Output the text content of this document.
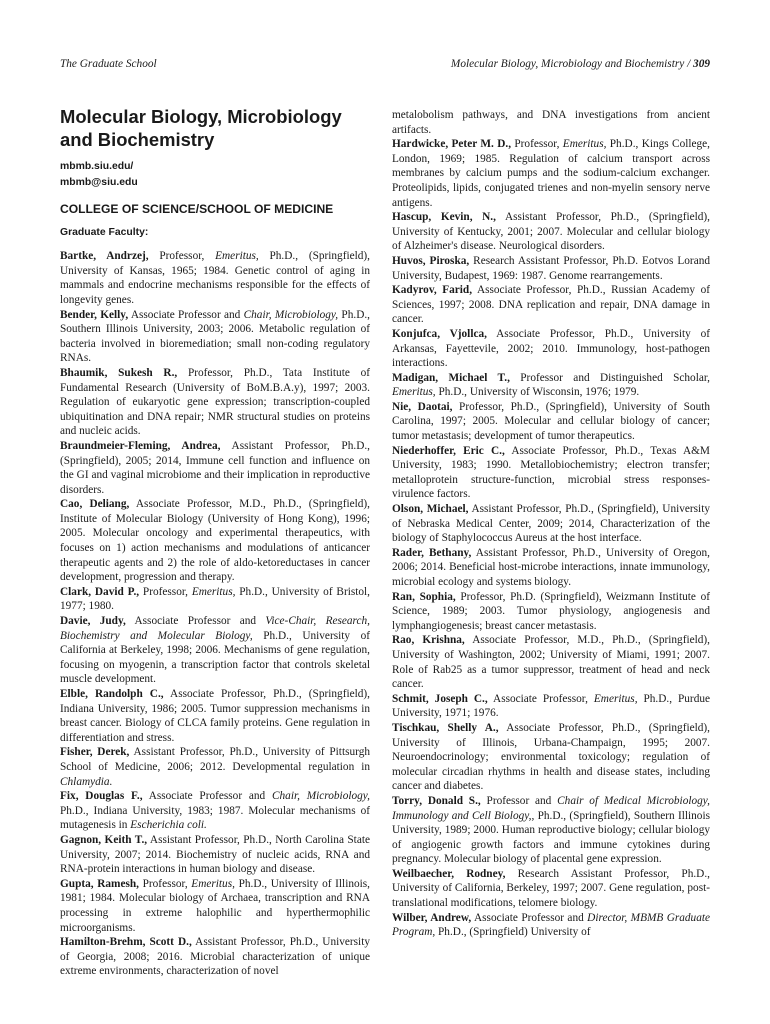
The Graduate School	Molecular Biology, Microbiology and Biochemistry / 309
Molecular Biology, Microbiology
and Biochemistry
mbmb.siu.edu/
mbmb@siu.edu
COLLEGE OF SCIENCE/SCHOOL OF MEDICINE
Graduate Faculty:

Bartke, Andrzej, Professor, Emeritus, Ph.D., (Springfield), University of Kansas, 1965; 1984. Genetic control of aging in mammals and endocrine mechanisms responsible for the effects of longevity genes.

Bender, Kelly, Associate Professor and Chair, Microbiology, Ph.D., Southern Illinois University, 2003; 2006. Metabolic regulation of bacteria involved in bioremediation; small non-coding regulatory RNAs.

Bhaumik, Sukesh R., Professor, Ph.D., Tata Institute of Fundamental Research (University of BoM.B.A.y), 1997; 2003. Regulation of eukaryotic gene expression; transcription-coupled ubiquitination and DNA repair; NMR structural studies on proteins and nucleic acids.

Braundmeier-Fleming, Andrea, Assistant Professor, Ph.D., (Springfield), 2005; 2014, Immune cell function and influence on the GI and vaginal microbiome and their implication in reproductive disorders.

Cao, Deliang, Associate Professor, M.D., Ph.D., (Springfield), Institute of Molecular Biology (University of Hong Kong), 1996; 2005. Molecular oncology and experimental therapeutics, with focuses on 1) action mechanisms and modulations of anticancer therapeutic agents and 2) the role of aldo-ketoreductases in cancer development, progression and therapy.

Clark, David P., Professor, Emeritus, Ph.D., University of Bristol, 1977; 1980.

Davie, Judy, Associate Professor and Vice-Chair, Research, Biochemistry and Molecular Biology, Ph.D., University of California at Berkeley, 1998; 2006. Mechanisms of gene regulation, focusing on myogenin, a transcription factor that controls skeletal muscle development.

Elble, Randolph C., Associate Professor, Ph.D., (Springfield), Indiana University, 1986; 2005. Tumor suppression mechanisms in breast cancer. Biology of CLCA family proteins. Gene regulation in differentiation and stress.

Fisher, Derek, Assistant Professor, Ph.D., University of Pittsurgh School of Medicine, 2006; 2012. Developmental regulation in Chlamydia.

Fix, Douglas F., Associate Professor and Chair, Microbiology, Ph.D., Indiana University, 1983; 1987. Molecular mechanisms of mutagenesis in Escherichia coli.

Gagnon, Keith T., Assistant Professor, Ph.D., North Carolina State University, 2007; 2014. Biochemistry of nucleic acids, RNA and RNA-protein interactions in human biology and disease.

Gupta, Ramesh, Professor, Emeritus, Ph.D., University of Illinois, 1981; 1984. Molecular biology of Archaea, transcription and RNA processing in extreme halophilic and hyperthermophilic microorganisms.

Hamilton-Brehm, Scott D., Assistant Professor, Ph.D., University of Georgia, 2008; 2016. Microbial characterization of unique extreme environments, characterization of novel

metalobolism pathways, and DNA investigations from ancient artifacts.

Hardwicke, Peter M. D., Professor, Emeritus, Ph.D., Kings College, London, 1969; 1985. Regulation of calcium transport across membranes by calcium pumps and the sodium-calcium exchanger. Proteolipids, lipids, conjugated trienes and non-myelin sensory nerve antigens.

Hascup, Kevin, N., Assistant Professor, Ph.D., (Springfield), University of Kentucky, 2001; 2007. Molecular and cellular biology of Alzheimer's disease. Neurological disorders.

Huvos, Piroska, Research Assistant Professor, Ph.D. Eotvos Lorand University, Budapest, 1969: 1987. Genome rearrangements.

Kadyrov, Farid, Associate Professor, Ph.D., Russian Academy of Sciences, 1997; 2008. DNA replication and repair, DNA damage in cancer.

Konjufca, Vjollca, Associate Professor, Ph.D., University of Arkansas, Fayettevile, 2002; 2010. Immunology, host-pathogen interactions.

Madigan, Michael T., Professor and Distinguished Scholar, Emeritus, Ph.D., University of Wisconsin, 1976; 1979.

Nie, Daotai, Professor, Ph.D., (Springfield), University of South Carolina, 1997; 2005. Molecular and cellular biology of cancer; tumor metastasis; development of tumor therapeutics.

Niederhoffer, Eric C., Associate Professor, Ph.D., Texas A&M University, 1983; 1990. Metallobiochemistry; electron transfer; metalloprotein structure-function, microbial stress responses-virulence factors.

Olson, Michael, Assistant Professor, Ph.D., (Springfield), University of Nebraska Medical Center, 2009; 2014, Characterization of the biology of Staphylococcus Aureus at the host interface.

Rader, Bethany, Assistant Professor, Ph.D., University of Oregon, 2006; 2014. Beneficial host-microbe interactions, innate immunology, microbial ecology and systems biology.

Ran, Sophia, Professor, Ph.D. (Springfield), Weizmann Institute of Science, 1989; 2003. Tumor physiology, angiogenesis and lymphangiogenesis; breast cancer metastasis.

Rao, Krishna, Associate Professor, M.D., Ph.D., (Springfield), University of Washington, 2002; University of Miami, 1991; 2007. Role of Rab25 as a tumor suppressor, treatment of head and neck cancer.

Schmit, Joseph C., Associate Professor, Emeritus, Ph.D., Purdue University, 1971; 1976.

Tischkau, Shelly A., Associate Professor, Ph.D., (Springfield), University of Illinois, Urbana-Champaign, 1995; 2007. Neuroendocrinology; environmental toxicology; regulation of molecular circadian rhythms in health and disease states, including cancer and diabetes.

Torry, Donald S., Professor and Chair of Medical Microbiology, Immunology and Cell Biology,, Ph.D., (Springfield), Southern Illinois University, 1989; 2000. Human reproductive biology; cellular biology of angiogenic growth factors and immune cytokines during pregnancy. Molecular biology of placental gene expression.

Weilbaecher, Rodney, Research Assistant Professor, Ph.D., University of California, Berkeley, 1997; 2007. Gene regulation, post-translational modifications, telomere biology.

Wilber, Andrew, Associate Professor and Director, MBMB Graduate Program, Ph.D., (Springfield) University of
